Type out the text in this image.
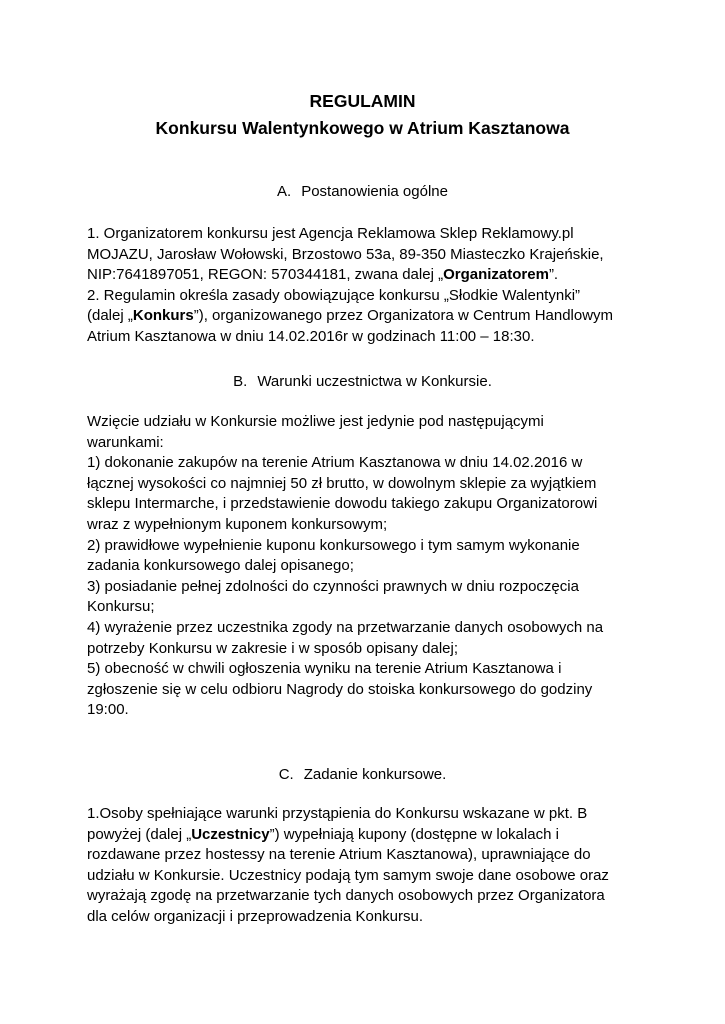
REGULAMIN
Konkursu Walentynkowego w Atrium Kasztanowa
A. Postanowienia ogólne
1. Organizatorem konkursu jest Agencja Reklamowa Sklep Reklamowy.pl
MOJAZU, Jarosław Wołowski, Brzostowo 53a, 89-350 Miasteczko Krajeńskie,
NIP:7641897051, REGON: 570344181, zwana dalej „Organizatorem”.
2. Regulamin określa zasady obowiązujące konkursu „Słodkie Walentynki”
(dalej „Konkurs”), organizowanego przez Organizatora w Centrum Handlowym
Atrium Kasztanowa w dniu 14.02.2016r w godzinach 11:00 – 18:30.
B. Warunki uczestnictwa w Konkursie.
Wzięcie udziału w Konkursie możliwe jest jedynie pod następującymi
warunkami:
1) dokonanie zakupów na terenie Atrium Kasztanowa w dniu 14.02.2016 w
łącznej wysokości co najmniej 50 zł brutto, w dowolnym sklepie za wyjątkiem
sklepu Intermarche, i przedstawienie dowodu takiego zakupu Organizatorowi
wraz z wypełnionym kuponem konkursowym;
2) prawidłowe wypełnienie kuponu konkursowego i tym samym wykonanie
zadania konkursowego dalej opisanego;
3) posiadanie pełnej zdolności do czynności prawnych w dniu rozpoczęcia
Konkursu;
4) wyrażenie przez uczestnika zgody na przetwarzanie danych osobowych na
potrzeby Konkursu w zakresie i w sposób opisany dalej;
5) obecność w chwili ogłoszenia wyniku na terenie Atrium Kasztanowa i
zgłoszenie się w celu odbioru Nagrody do stoiska konkursowego do godziny
19:00.
C. Zadanie konkursowe.
1.Osoby spełniające warunki przystąpienia do Konkursu wskazane w pkt. B
powyżej (dalej „Uczestnicy”) wypełniają kupony (dostępne w lokalach i
rozdawane przez hostessy na terenie Atrium Kasztanowa), uprawniające do
udziału w Konkursie. Uczestnicy podają tym samym swoje dane osobowe oraz
wyrażają zgodę na przetwarzanie tych danych osobowych przez Organizatora
dla celów organizacji i przeprowadzenia Konkursu.
